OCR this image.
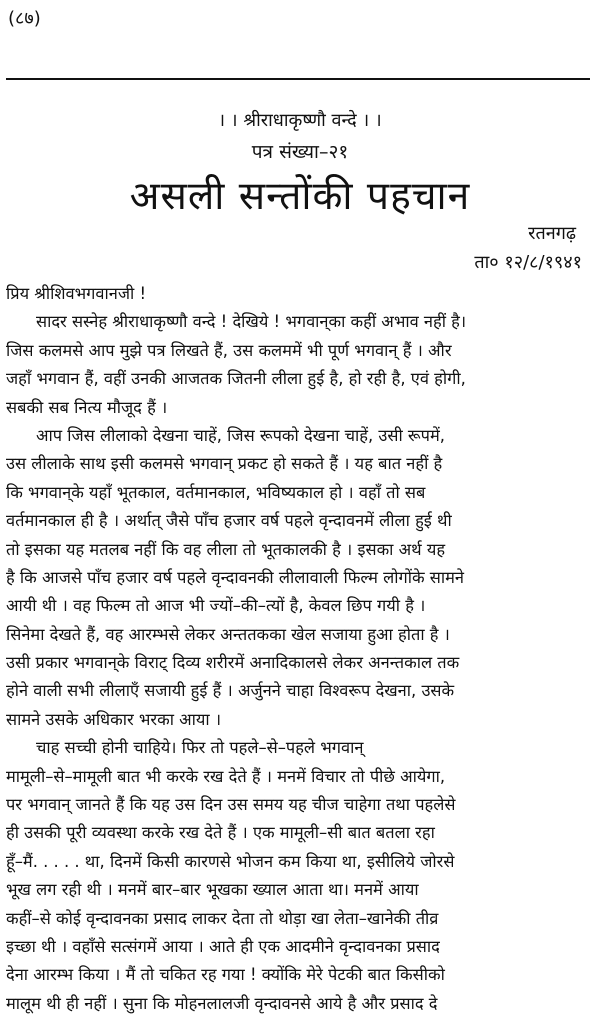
(८७)
। । श्रीराधाकृष्णौ वन्दे । ।
पत्र संख्या–२१
असली सन्तोंकी पहचान
रतनगढ़
ता० १२/८/१९४१
प्रिय श्रीशिवभगवानजी !
सादर सस्नेह श्रीराधाकृष्णौ वन्दे ! देखिये ! भगवान्‌का कहीं अभाव नहीं है।
जिस कलमसे आप मुझे पत्र लिखते हैं, उस कलममें भी पूर्ण भगवान् हैं । और
जहाँ भगवान हैं, वहीं उनकी आजतक जितनी लीला हुई है, हो रही है, एवं होगी,
सबकी सब नित्य मौजूद हैं ।
आप जिस लीलाको देखना चाहें, जिस रूपको देखना चाहें, उसी रूपमें,
उस लीलाके साथ इसी कलमसे भगवान् प्रकट हो सकते हैं । यह बात नहीं है
कि भगवान्‌के यहाँ भूतकाल, वर्तमानकाल, भविष्यकाल हो । वहाँ तो सब
वर्तमानकाल ही है । अर्थात् जैसे पाँच हजार वर्ष पहले वृन्दावनमें लीला हुई थी
तो इसका यह मतलब नहीं कि वह लीला तो भूतकालकी है । इसका अर्थ यह
है कि आजसे पाँच हजार वर्ष पहले वृन्दावनकी लीलावाली फिल्म लोगोंके सामने
आयी थी । वह फिल्म तो आज भी ज्यों–की–त्यों है, केवल छिप गयी है ।
सिनेमा देखते हैं, वह आरम्भसे लेकर अन्ततकका खेल सजाया हुआ होता है ।
उसी प्रकार भगवान्‌के विराट् दिव्य शरीरमें अनादिकालसे लेकर अनन्तकाल तक
होने वाली सभी लीलाएँ सजायी हुई हैं । अर्जुनने चाहा विश्वरूप देखना, उसके
सामने उसके अधिकार भरका आया ।
चाह सच्ची होनी चाहिये। फिर तो पहले–से–पहले भगवान्
मामूली–से–मामूली बात भी करके रख देते हैं । मनमें विचार तो पीछे आयेगा,
पर भगवान् जानते हैं कि यह उस दिन उस समय यह चीज चाहेगा तथा पहलेसे
ही उसकी पूरी व्यवस्था करके रख देते हैं । एक मामूली–सी बात बतला रहा
हूँ–मैं. . . . . था, दिनमें किसी कारणसे भोजन कम किया था, इसीलिये जोरसे
भूख लग रही थी । मनमें बार–बार भूखका ख्याल आता था। मनमें आया
कहीं–से कोई वृन्दावनका प्रसाद लाकर देता तो थोड़ा खा लेता–खानेकी तीव्र
इच्छा थी । वहाँसे सत्संगमें आया । आते ही एक आदमीने वृन्दावनका प्रसाद
देना आरम्भ किया । मैं तो चकित रह गया ! क्योंकि मेरे पेटकी बात किसीको
मालूम थी ही नहीं । सुना कि मोहनलालजी वृन्दावनसे आये है और प्रसाद दे
